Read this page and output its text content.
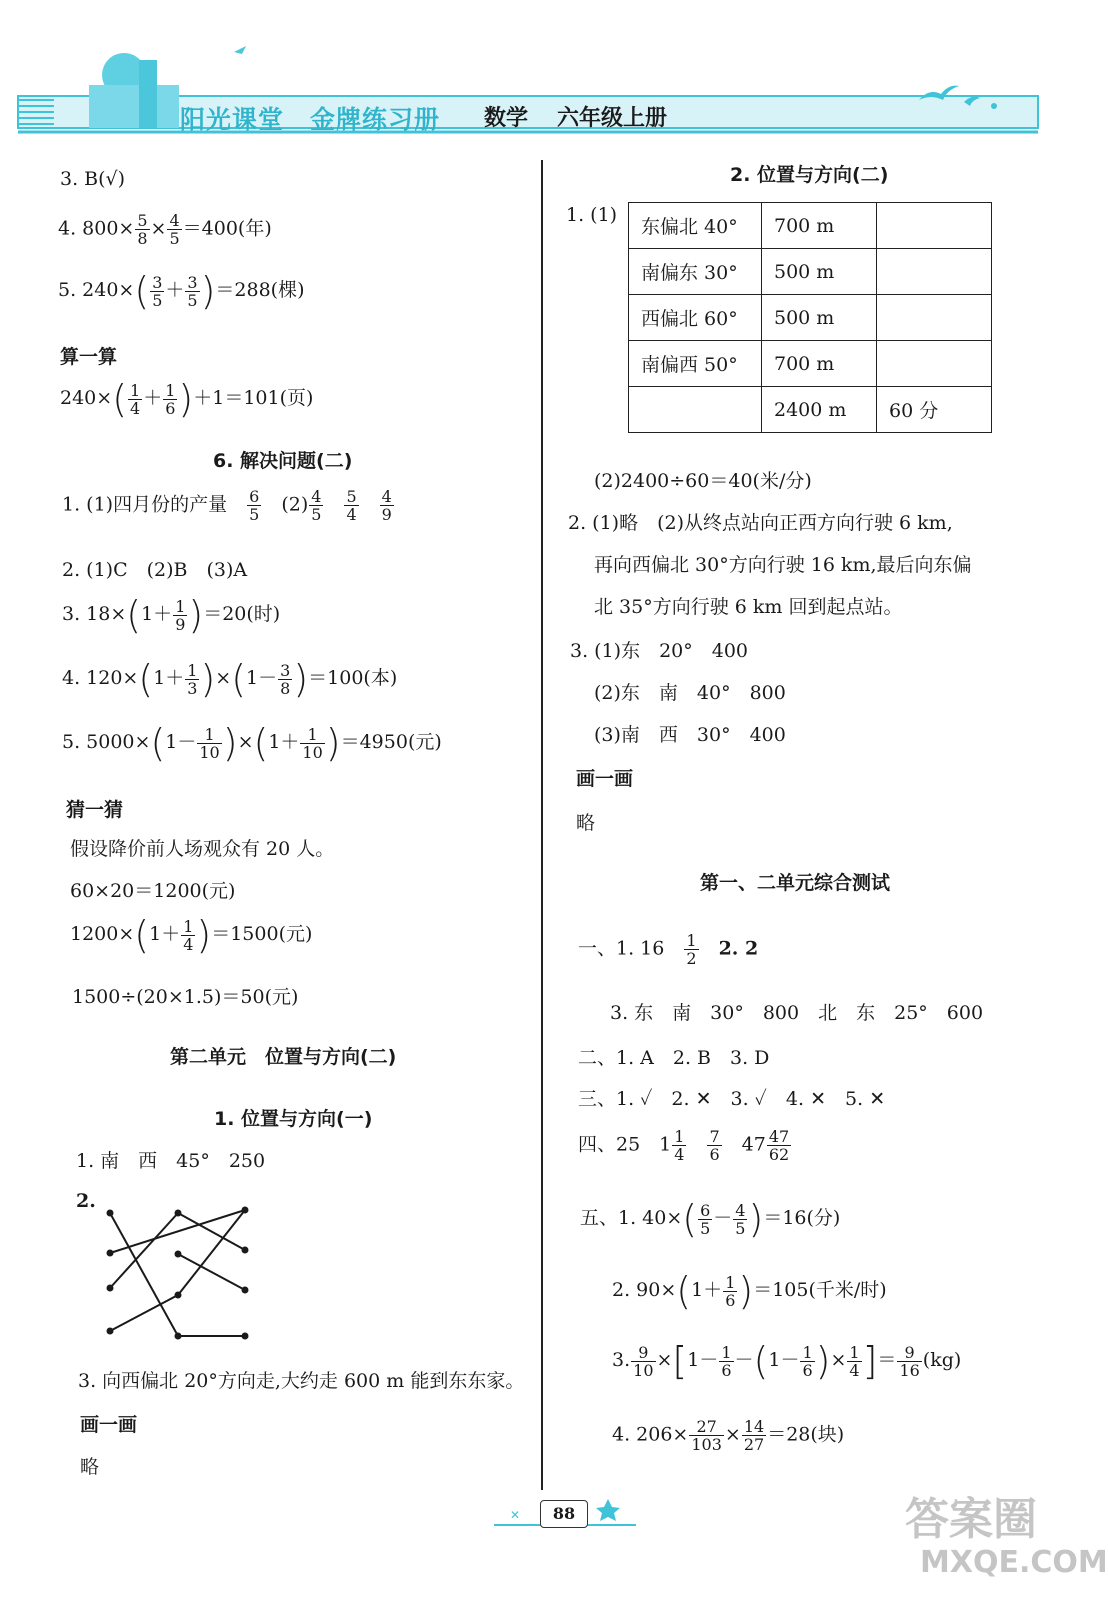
阳光课堂　金牌练习册 数学 六年级上册
3. B(√)
4. $800\times \frac{5}{8} \times \frac{4}{5} =400$(年)
5. $240\times( \frac{3}{5} + \frac{3}{5} )=288$(棵)
算一算
$240\times( \frac{1}{4} + \frac{1}{6} )+1=101$(页)
6. 解决问题(二)
1. (1)四月份的产量　 $\frac{6}{5}$
　 $(2) \frac{4}{5}$
　 $\frac{5}{4}$
　 $\frac{4}{9}$
2. (1)C　(2)B　(3)A
3. $18\times(1+ \frac{1}{9} )=20$(时)
4. $120\times(1+ \frac{1}{3} )\times(1- \frac{3}{8} )=100$(本)
5. $5000\times(1- \frac{1}{10} )\times(1+ \frac{1}{10} )=4950$(元)
猜一猜
假设降价前人场观众有 20 人。
60×20＝1200(元)
$1200\times(1+ \frac{1}{4} )=1500$(元)
1500÷(20×1.5)＝50(元)
第二单元　位置与方向(二)
1. 位置与方向(一)
1. 南　西　45°　250
2.
3. 向西偏北 20°方向走,大约走 600 m 能到东东家。
画一画
略
2. 位置与方向(二)
1. (1)
东偏北 40°	700 m	
南偏东 30°	500 m	
西偏北 60°	500 m	
南偏西 50°	700 m	
	2400 m	60 分
(2)2400÷60＝40(米/分)
2. (1)略　(2)从终点站向正西方向行驶 6 km,
再向西偏北 30°方向行驶 16 km,最后向东偏
北 35°方向行驶 6 km 回到起点站。
3. (1)东　20°　400
(2)东　南　40°　800
(3)南　西　30°　400
画一画
略
第一、二单元综合测试
一、1. 16　 $\frac{1}{2}$
　 2. 2
3. 东　南　30°　800　北　东　25°　600
二、1. A　2. B　3. D
三、1. ✓　2. ✕　3. ✓　4. ✕　5. ✕
四、25　$1 \frac{1}{4}$
　 $\frac{7}{6}$
　 $47 \frac{47}{62}$
五、1. $40\times( \frac{6}{5} - \frac{4}{5} )=16$(分)
2. $90\times(1+ \frac{1}{6} )=105$(千米/时)
3. $\frac{9}{10} \times[1- \frac{1}{6} -(1- \frac{1}{6}$ )× $\frac{1}{4}$ ]＝ $\frac{9}{16} (kg)$
4. $206\times \frac{27}{103} \times \frac{14}{27} =28$(块)
✕	88	答案圈
MXQE.COM
